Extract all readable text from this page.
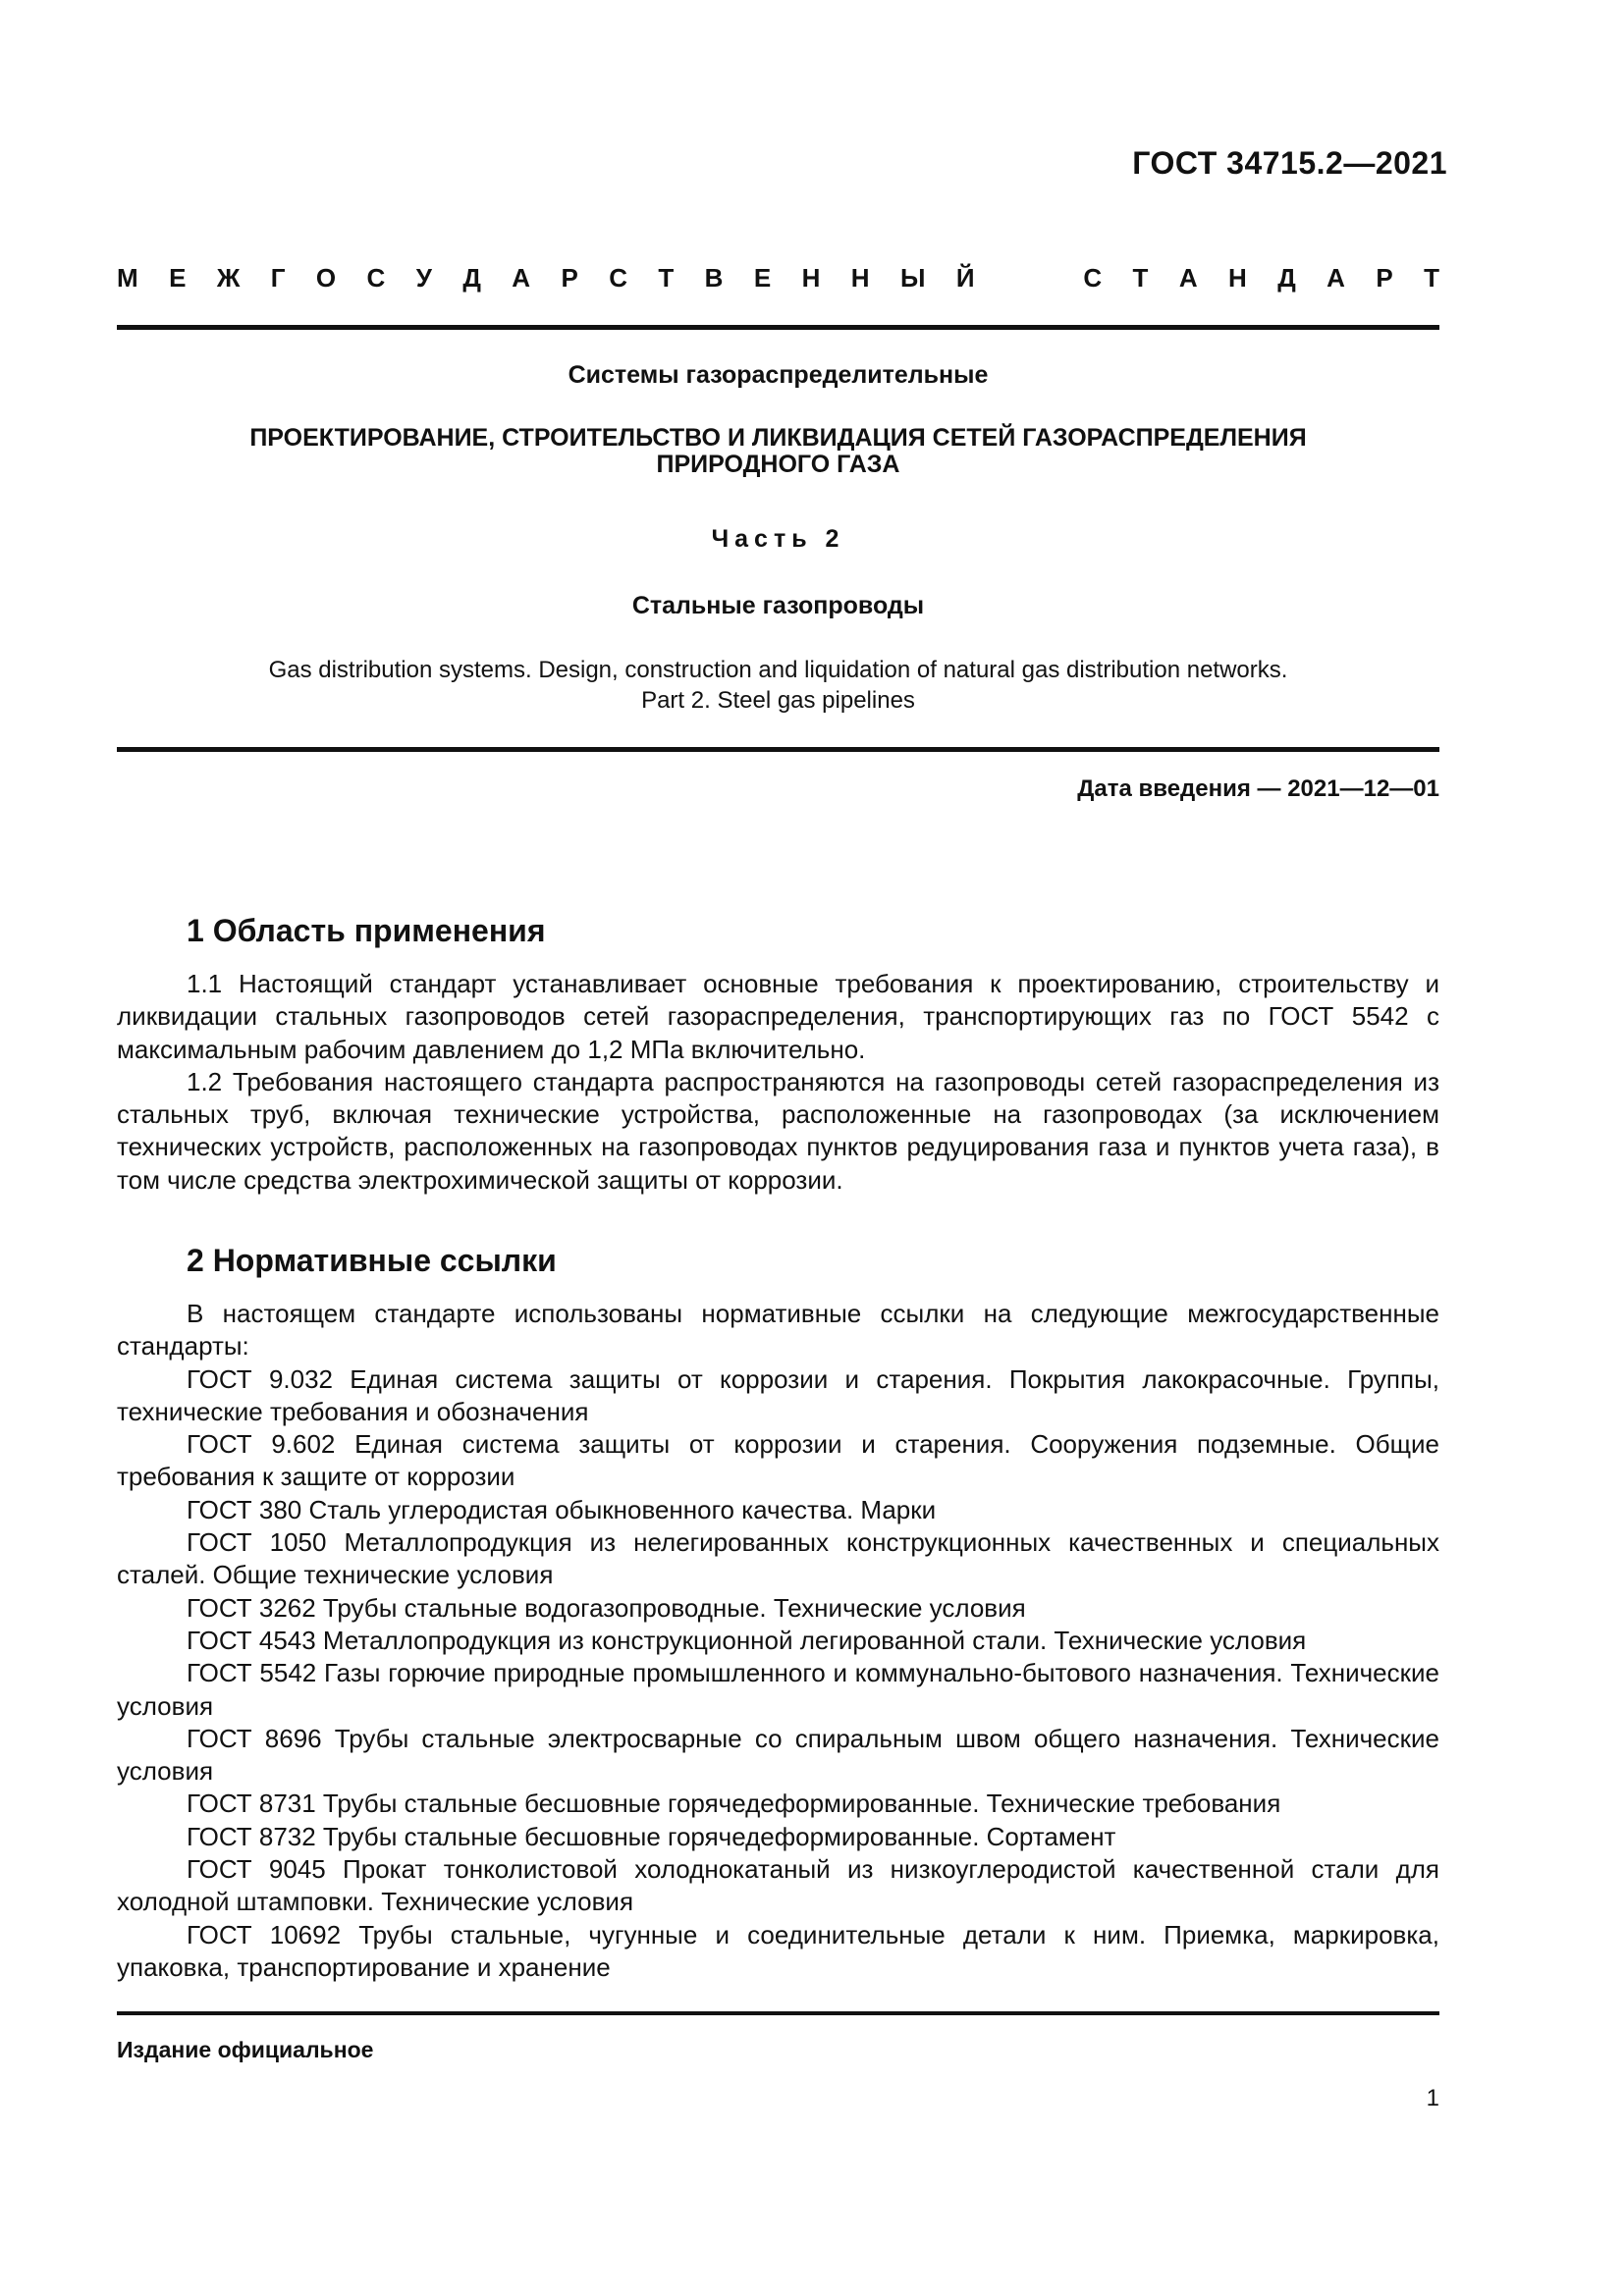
ГОСТ 34715.2—2021
М Е Ж Г О С У Д А Р С Т В Е Н Н Ы Й	С Т А Н Д А Р Т
Системы газораспределительные
ПРОЕКТИРОВАНИЕ, СТРОИТЕЛЬСТВО И ЛИКВИДАЦИЯ СЕТЕЙ ГАЗОРАСПРЕДЕЛЕНИЯ
ПРИРОДНОГО ГАЗА
Часть 2
Стальные газопроводы
Gas distribution systems. Design, construction and liquidation of natural gas distribution networks.
Part 2. Steel gas pipelines
Дата введения — 2021—12—01
1 Область применения

1.1 Настоящий стандарт устанавливает основные требования к проектированию, строительству и ликвидации стальных газопроводов сетей газораспределения, транспортирующих газ по ГОСТ 5542 с максимальным рабочим давлением до 1,2 МПа включительно.

1.2 Требования настоящего стандарта распространяются на газопроводы сетей газораспределения из стальных труб, включая технические устройства, расположенные на газопроводах (за исключением технических устройств, расположенных на газопроводах пунктов редуцирования газа и пунктов учета газа), в том числе средства электрохимической защиты от коррозии.

2 Нормативные ссылки

В настоящем стандарте использованы нормативные ссылки на следующие межгосударственные стандарты:

ГОСТ 9.032 Единая система защиты от коррозии и старения. Покрытия лакокрасочные. Группы, технические требования и обозначения

ГОСТ 9.602 Единая система защиты от коррозии и старения. Сооружения подземные. Общие требования к защите от коррозии

ГОСТ 380 Сталь углеродистая обыкновенного качества. Марки

ГОСТ 1050 Металлопродукция из нелегированных конструкционных качественных и специальных сталей. Общие технические условия

ГОСТ 3262 Трубы стальные водогазопроводные. Технические условия

ГОСТ 4543 Металлопродукция из конструкционной легированной стали. Технические условия

ГОСТ 5542 Газы горючие природные промышленного и коммунально-бытового назначения. Технические условия

ГОСТ 8696 Трубы стальные электросварные со спиральным швом общего назначения. Технические условия

ГОСТ 8731 Трубы стальные бесшовные горячедеформированные. Технические требования

ГОСТ 8732 Трубы стальные бесшовные горячедеформированные. Сортамент

ГОСТ 9045 Прокат тонколистовой холоднокатаный из низкоуглеродистой качественной стали для холодной штамповки. Технические условия

ГОСТ 10692 Трубы стальные, чугунные и соединительные детали к ним. Приемка, маркировка, упаковка, транспортирование и хранение

Издание официальное
1
